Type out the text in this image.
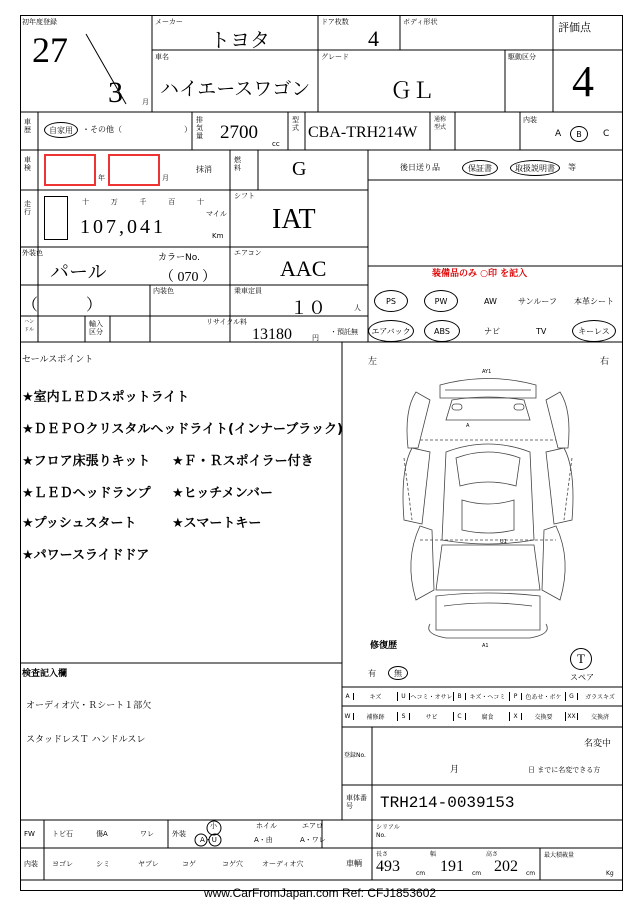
初年度登録
27
3	月
メーカー
トヨタ
ドア枚数
4
ボディ形状	評価点
4
車名
ハイエースワゴン
グレード
ＧＬ
駆動区分
車歴	自家用	・その他（	）
排気量 2700
cc
型式 CBA-TRH214W
通称型式
内装
A	B	C
車検
年	月
抹消
燃料	G	後日送り品	保証書	取扱説明書	等
走行
十	万	千	百	十
107,041
マイル
Km
シフト
IAT
外装色
パール
カラーNo.
（ 070 ）
エアコン
AAC
（　　　）
内装色	乗車定員
１０	人
装備品のみ ○印 を記入
PS	PW	AW	サンルーフ 本革シート
エアバック	ABS	ナビ	TV	キーレス
ハンドル
輸入区分
リサイクル料
13180	円
・預託無
セールスポイント
★室内ＬＥＤスポットライト
★ＤＥＰＯクリスタルヘッドライト(インナーブラック)
★フロア床張りキット ★Ｆ・Ｒスポイラー付き
★ＬＥＤヘッドランプ ★ヒッチメンバー
★プッシュスタート	★スマートキー
★パワースライドドア
左	右
AY1
A
U1
A1
修復歴
有	無
T
スペア
検査記入欄
オーディオ穴・Ｒシート１部欠
スタッドレスＴ ハンドルスレ
A	キズ	U ヘコミ・オサレ B	キズ・ヘコミ	P	色あせ・ボケ	G	ガラスキズ
W	補修跡	S	サビ	C	腐食	X	交換要	XX	交換済
登録No.
名変中
月	日 までに名変できる方
車体番号	TRH214-0039153
FW トビ石	傷A	ワレ	外装
小
A・U
ホイル
A・由
エアロ
A・ワレ
シリアルNo.
内装 ヨゴレ	シミ	ヤブレ	コゲ	コゲ穴	オーディオ穴	車輌
長さ
493	cm
幅
191 cm
高さ
202 cm
最大積載量
Kg
www.CarFromJapan.com Ref: CFJ1853602
